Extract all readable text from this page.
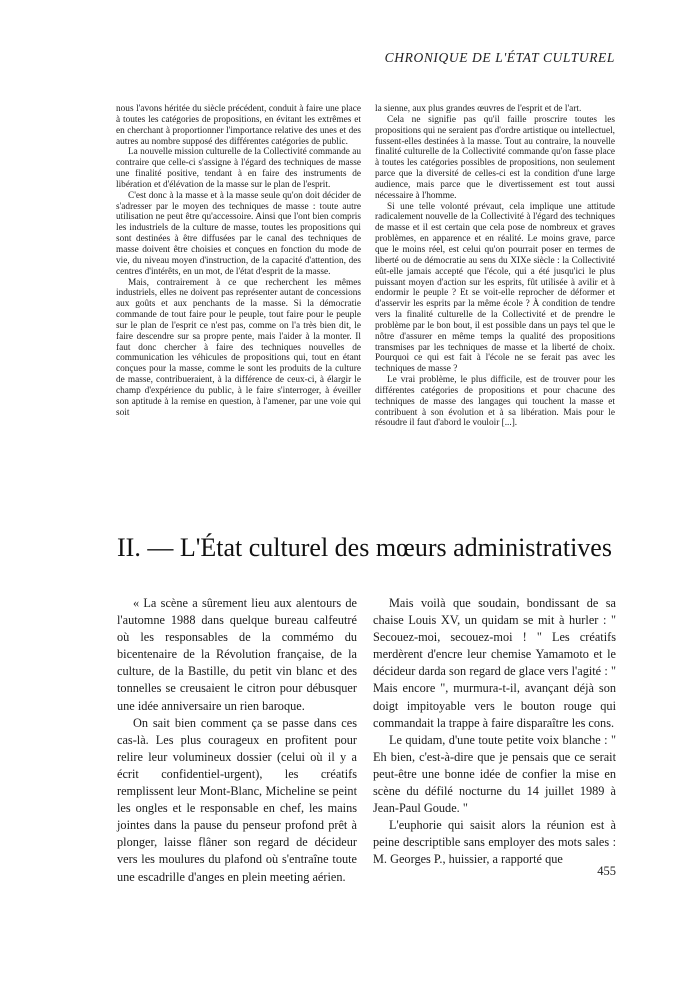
CHRONIQUE DE L'ÉTAT CULTUREL

nous l'avons héritée du siècle précédent, conduit à faire une place à toutes les catégories de propositions, en évitant les extrêmes et en cherchant à proportionner l'importance relative des unes et des autres au nombre supposé des différentes catégories de public.

La nouvelle mission culturelle de la Collectivité commande au contraire que celle-ci s'assigne à l'égard des techniques de masse une finalité positive, tendant à en faire des instruments de libération et d'élévation de la masse sur le plan de l'esprit.

C'est donc à la masse et à la masse seule qu'on doit décider de s'adresser par le moyen des techniques de masse : toute autre utilisation ne peut être qu'accessoire. Ainsi que l'ont bien compris les industriels de la culture de masse, toutes les propositions qui sont destinées à être diffusées par le canal des techniques de masse doivent être choisies et conçues en fonction du mode de vie, du niveau moyen d'instruction, de la capacité d'attention, des centres d'intérêts, en un mot, de l'état d'esprit de la masse.

Mais, contrairement à ce que recherchent les mêmes industriels, elles ne doivent pas représenter autant de concessions aux goûts et aux penchants de la masse. Si la démocratie commande de tout faire pour le peuple, tout faire pour le peuple sur le plan de l'esprit ce n'est pas, comme on l'a très bien dit, le faire descendre sur sa propre pente, mais l'aider à la monter. Il faut donc chercher à faire des techniques nouvelles de communication les véhicules de propositions qui, tout en étant conçues pour la masse, comme le sont les produits de la culture de masse, contribueraient, à la différence de ceux-ci, à élargir le champ d'expérience du public, à le faire s'interroger, à éveiller son aptitude à la remise en question, à l'amener, par une voie qui soit

la sienne, aux plus grandes œuvres de l'esprit et de l'art.

Cela ne signifie pas qu'il faille proscrire toutes les propositions qui ne seraient pas d'ordre artistique ou intellectuel, fussent-elles destinées à la masse. Tout au contraire, la nouvelle finalité culturelle de la Collectivité commande qu'on fasse place à toutes les catégories possibles de propositions, non seulement parce que la diversité de celles-ci est la condition d'une large audience, mais parce que le divertissement est tout aussi nécessaire à l'homme.

Si une telle volonté prévaut, cela implique une attitude radicalement nouvelle de la Collectivité à l'égard des techniques de masse et il est certain que cela pose de nombreux et graves problèmes, en apparence et en réalité. Le moins grave, parce que le moins réel, est celui qu'on pourrait poser en termes de liberté ou de démocratie au sens du XIXe siècle : la Collectivité eût-elle jamais accepté que l'école, qui a été jusqu'ici le plus puissant moyen d'action sur les esprits, fût utilisée à avilir et à endormir le peuple ? Et se voit-elle reprocher de déformer et d'asservir les esprits par la même école ? À condition de tendre vers la finalité culturelle de la Collectivité et de prendre le problème par le bon bout, il est possible dans un pays tel que le nôtre d'assurer en même temps la qualité des propositions transmises par les techniques de masse et la liberté de choix. Pourquoi ce qui est fait à l'école ne se ferait pas avec les techniques de masse ?

Le vrai problème, le plus difficile, est de trouver pour les différentes catégories de propositions et pour chacune des techniques de masse des langages qui touchent la masse et contribuent à son évolution et à sa libération. Mais pour le résoudre il faut d'abord le vouloir [...].

II. — L'État culturel des mœurs administratives

« La scène a sûrement lieu aux alentours de l'automne 1988 dans quelque bureau calfeutré où les responsables de la commémo du bicentenaire de la Révolution française, de la culture, de la Bastille, du petit vin blanc et des tonnelles se creusaient le citron pour débusquer une idée anniversaire un rien baroque.

On sait bien comment ça se passe dans ces cas-là. Les plus courageux en profitent pour relire leur volumineux dossier (celui où il y a écrit confidentiel-urgent), les créatifs remplissent leur Mont-Blanc, Micheline se peint les ongles et le responsable en chef, les mains jointes dans la pause du penseur profond prêt à plonger, laisse flâner son regard de décideur vers les moulures du plafond où s'entraîne toute une escadrille d'anges en plein meeting aérien.

Mais voilà que soudain, bondissant de sa chaise Louis XV, un quidam se mit à hurler : " Secouez-moi, secouez-moi ! " Les créatifs merdèrent d'encre leur chemise Yamamoto et le décideur darda son regard de glace vers l'agité : " Mais encore ", murmura-t-il, avançant déjà son doigt impitoyable vers le bouton rouge qui commandait la trappe à faire disparaître les cons.

Le quidam, d'une toute petite voix blanche : " Eh bien, c'est-à-dire que je pensais que ce serait peut-être une bonne idée de confier la mise en scène du défilé nocturne du 14 juillet 1989 à Jean-Paul Goude. "

L'euphorie qui saisit alors la réunion est à peine descriptible sans employer des mots sales : M. Georges P., huissier, a rapporté que

455
